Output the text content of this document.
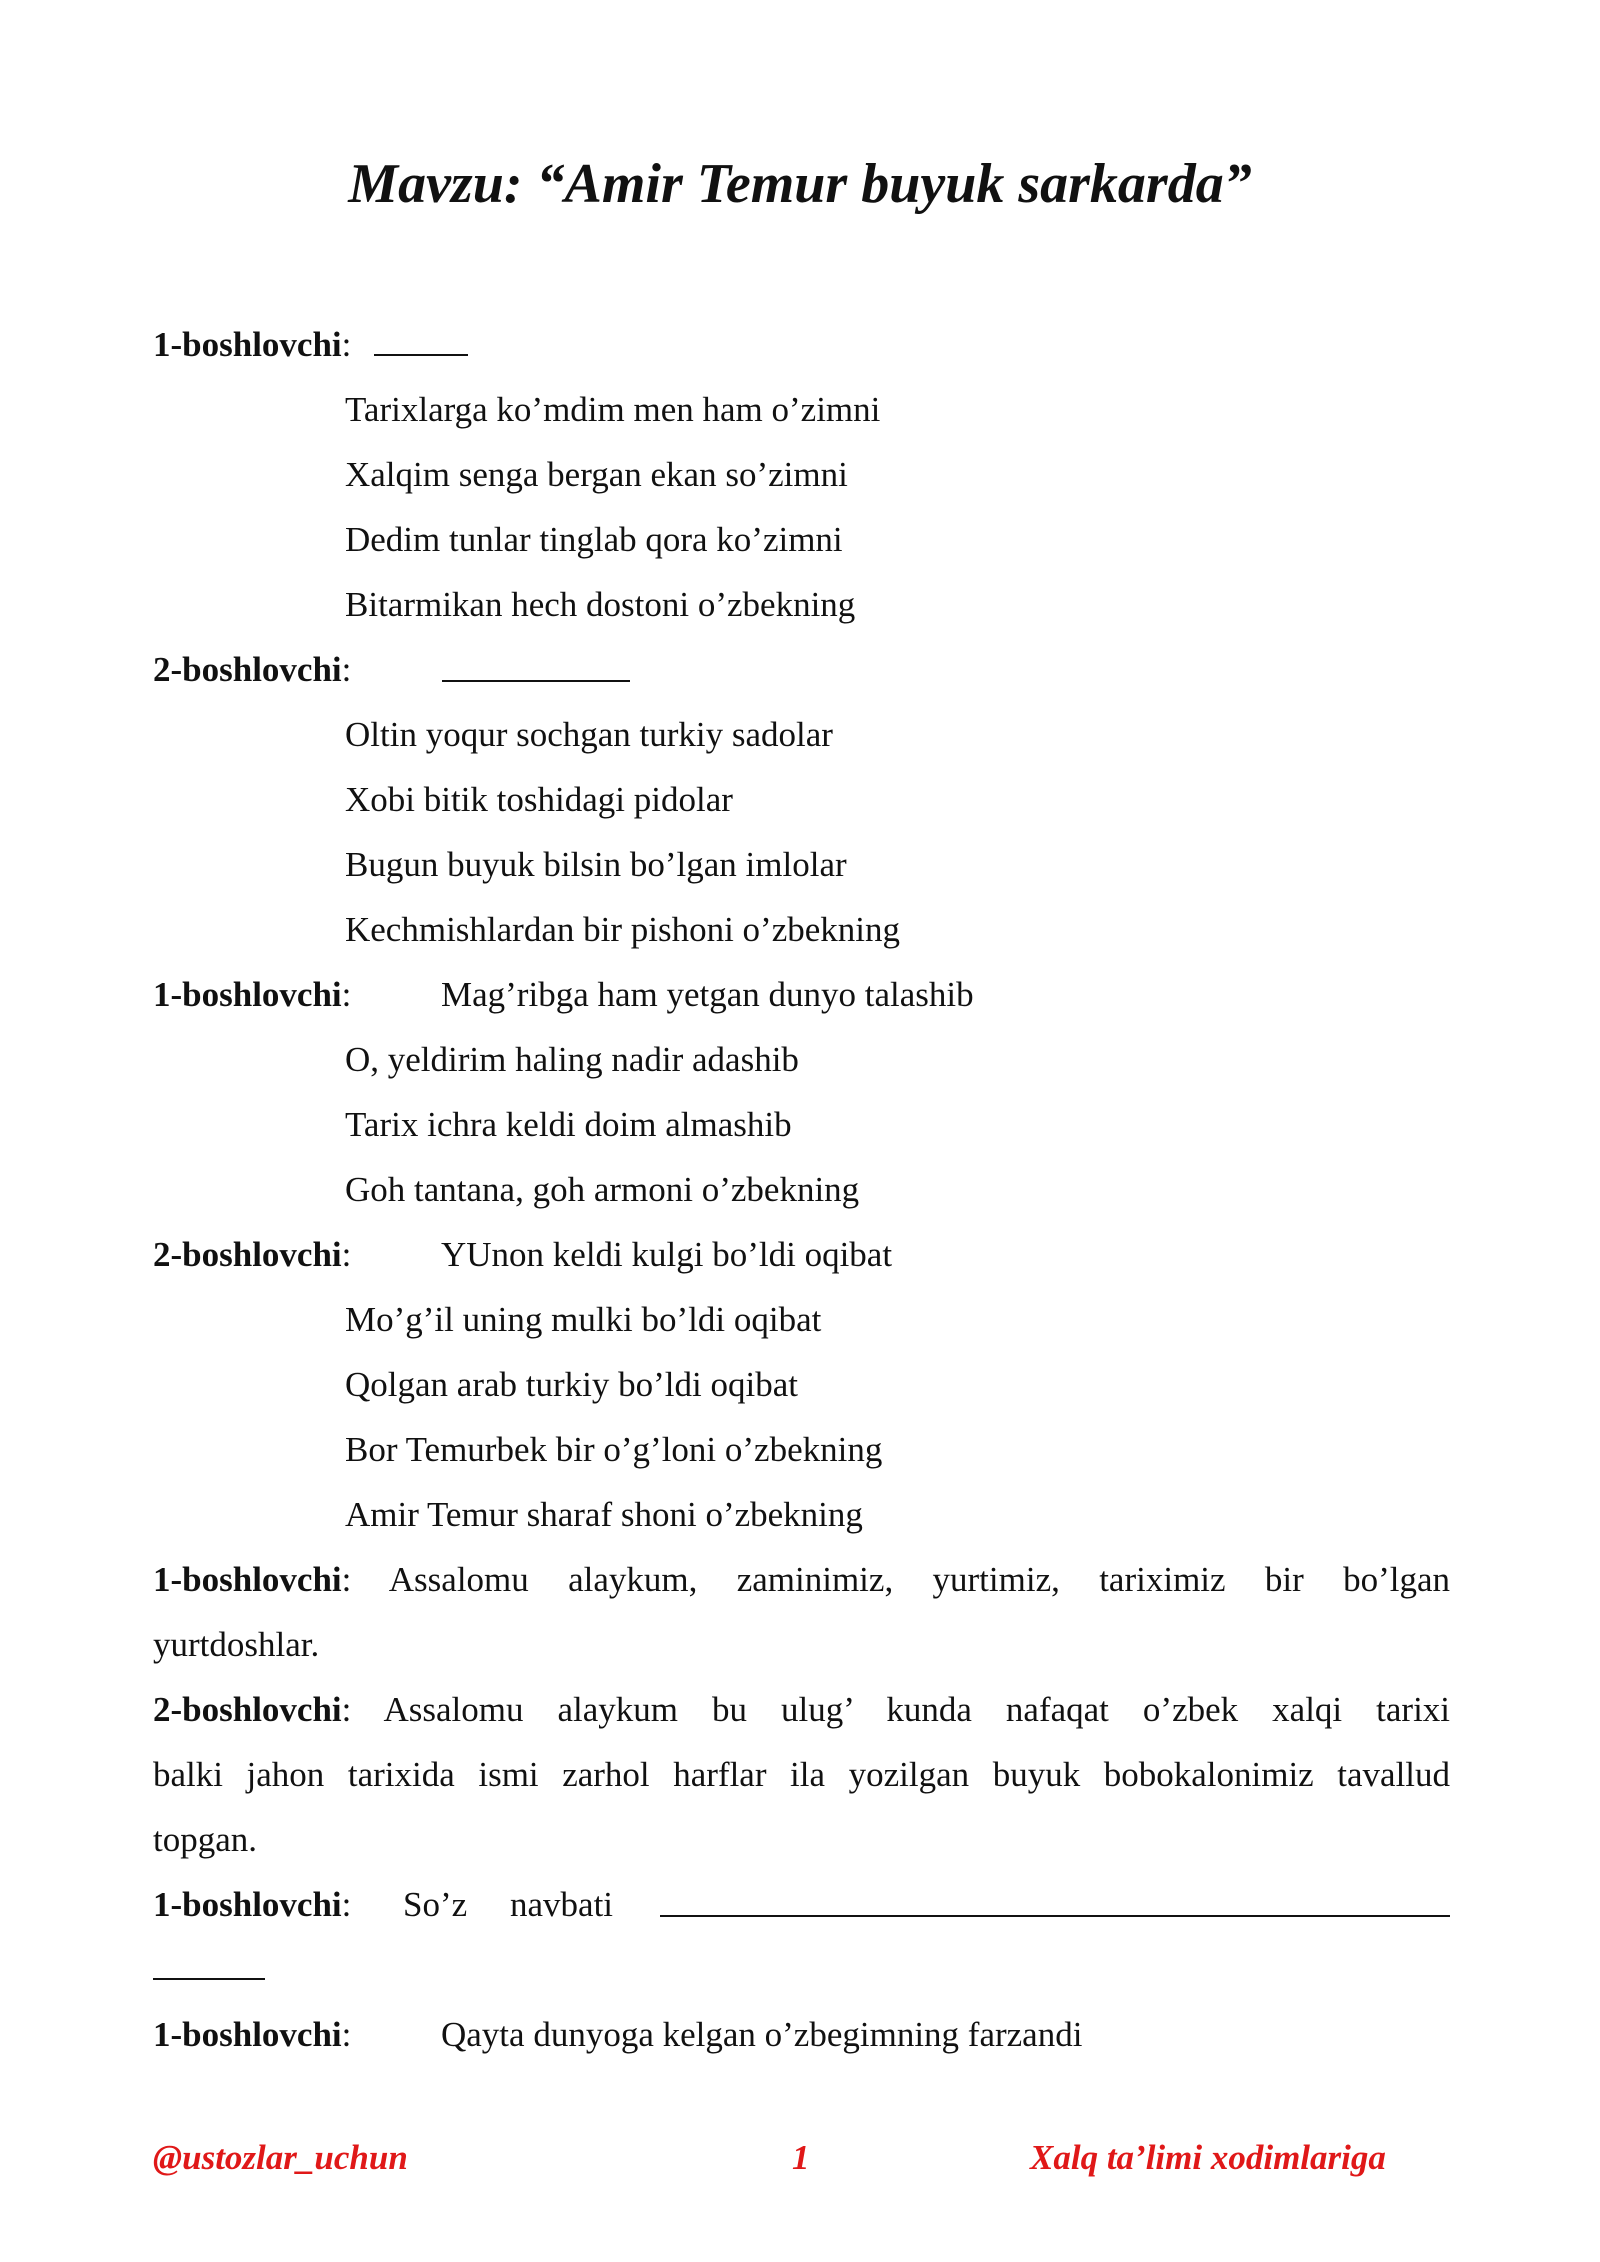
Mavzu: “Amir Temur buyuk sarkarda”
1-boshlovchi:
Tarixlarga ko’mdim men ham o’zimni
Xalqim senga bergan ekan so’zimni
Dedim tunlar tinglab qora ko’zimni
Bitarmikan hech dostoni o’zbekning
2-boshlovchi:
Oltin yoqur sochgan turkiy sadolar
Xobi bitik toshidagi pidolar
Bugun buyuk bilsin bo’lgan imlolar
Kechmishlardan bir pishoni o’zbekning
1-boshlovchi:	Mag’ribga ham yetgan dunyo talashib
O, yeldirim haling nadir adashib
Tarix ichra keldi doim almashib
Goh tantana, goh armoni o’zbekning
2-boshlovchi:	YUnon keldi kulgi bo’ldi oqibat
Mo’g’il uning mulki bo’ldi oqibat
Qolgan arab turkiy bo’ldi oqibat
Bor Temurbek bir o’g’loni o’zbekning
Amir Temur sharaf shoni o’zbekning
1-boshlovchi: Assalomu alaykum, zaminimiz, yurtimiz, tariximiz bir bo’lgan
yurtdoshlar.
2-boshlovchi: Assalomu alaykum bu ulug’ kunda nafaqat o’zbek xalqi tarixi
balki jahon tarixida ismi zarhol harflar ila yozilgan buyuk bobokalonimiz tavallud
topgan.
1-boshlovchi: So’z navbati
1-boshlovchi:	Qayta dunyoga kelgan o’zbegimning farzandi
@ustozlar_uchun	1	Xalq ta’limi xodimlariga
